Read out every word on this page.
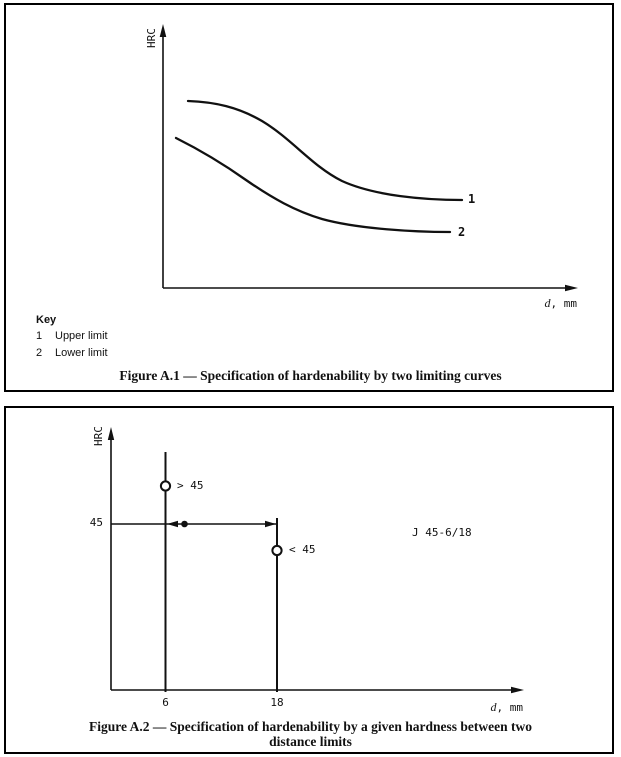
HRC
d, mm
1
2
Key
1	Upper limit
2	Lower limit
Figure A.1 — Specification of hardenability by two limiting curves
HRC
45
> 45
< 45
J 45-6/18
6	18	d, mm
Figure A.2 — Specification of hardenability by a given hardness between two
distance limits
